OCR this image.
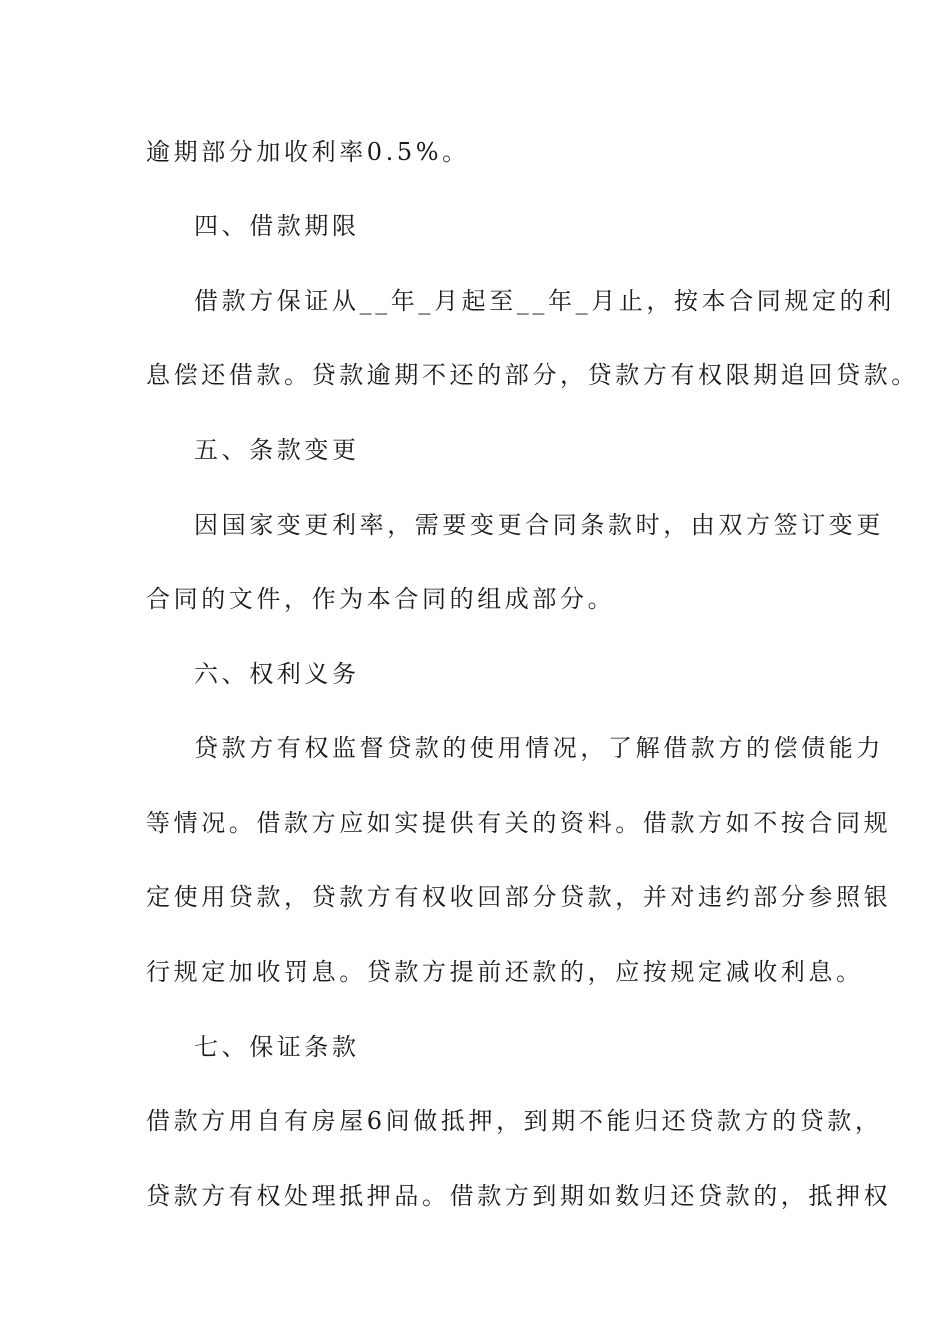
逾期部分加收利率0.5%。
四、借款期限
借款方保证从__年_月起至__年_月止，按本合同规定的利
息偿还借款。贷款逾期不还的部分，贷款方有权限期追回贷款。
五、条款变更
因国家变更利率，需要变更合同条款时，由双方签订变更
合同的文件，作为本合同的组成部分。
六、权利义务
贷款方有权监督贷款的使用情况，了解借款方的偿债能力
等情况。借款方应如实提供有关的资料。借款方如不按合同规
定使用贷款，贷款方有权收回部分贷款，并对违约部分参照银
行规定加收罚息。贷款方提前还款的，应按规定减收利息。
七、保证条款
借款方用自有房屋6间做抵押，到期不能归还贷款方的贷款，
贷款方有权处理抵押品。借款方到期如数归还贷款的，抵押权
